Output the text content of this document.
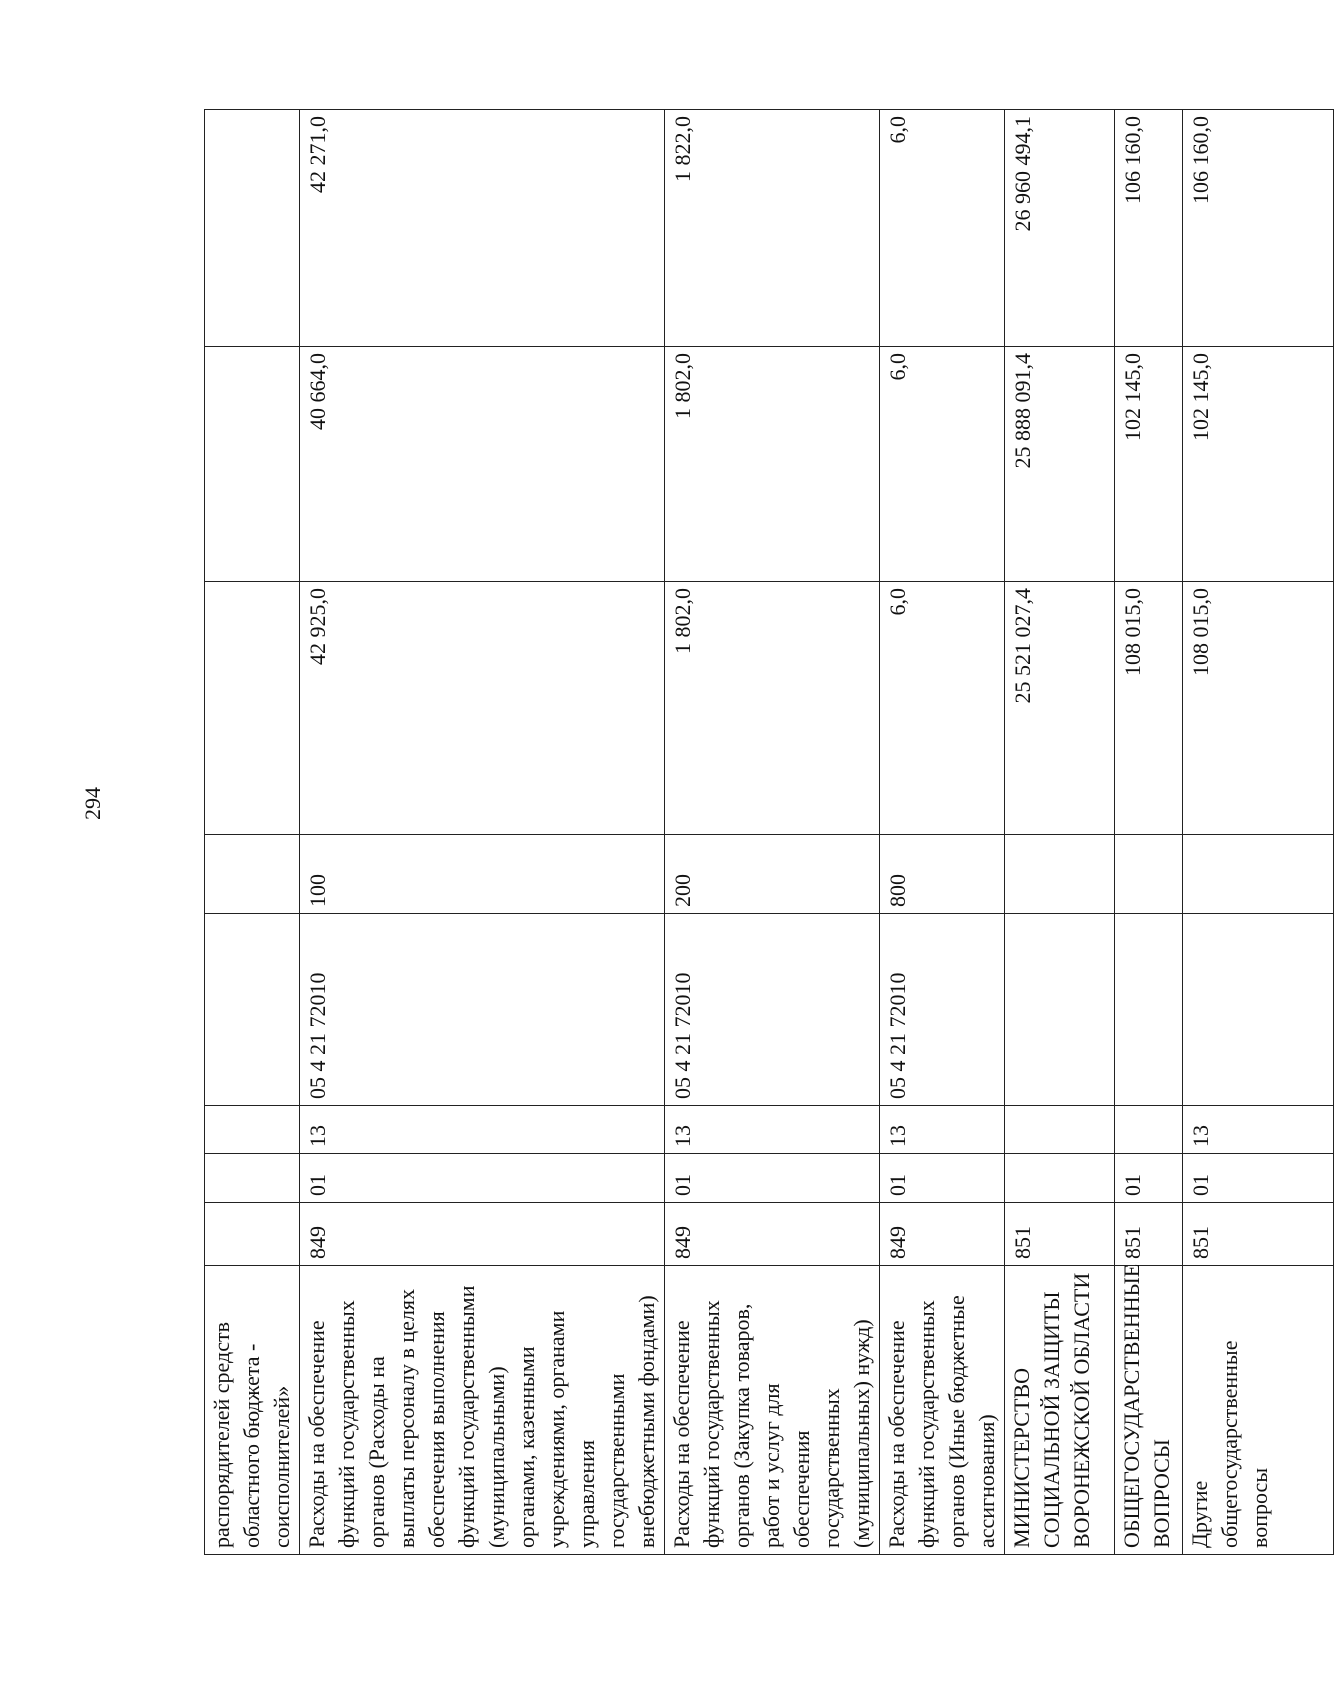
294
распорядителей средств областного бюджета - соисполнителей»								
Расходы на обеспечение функций государственных органов (Расходы на выплаты персоналу в целях обеспечения выполнения функций государственными (муниципальными) органами, казенными учреждениями, органами управления государственными внебюджетными фондами)	849	01	13	05 4 21 72010	100	42 925,0	40 664,0	42 271,0
Расходы на обеспечение функций государственных органов (Закупка товаров, работ и услуг для обеспечения государственных (муниципальных) нужд)	849	01	13	05 4 21 72010	200	1 802,0	1 802,0	1 822,0
Расходы на обеспечение функций государственных органов (Иные бюджетные ассигнования)	849	01	13	05 4 21 72010	800	6,0	6,0	6,0
МИНИСТЕРСТВО СОЦИАЛЬНОЙ ЗАЩИТЫ ВОРОНЕЖСКОЙ ОБЛАСТИ	851					25 521 027,4	25 888 091,4	26 960 494,1
ОБЩЕГОСУДАРСТВЕННЫЕ ВОПРОСЫ	851	01				108 015,0	102 145,0	106 160,0
Другие общегосударственные вопросы	851	01	13			108 015,0	102 145,0	106 160,0
